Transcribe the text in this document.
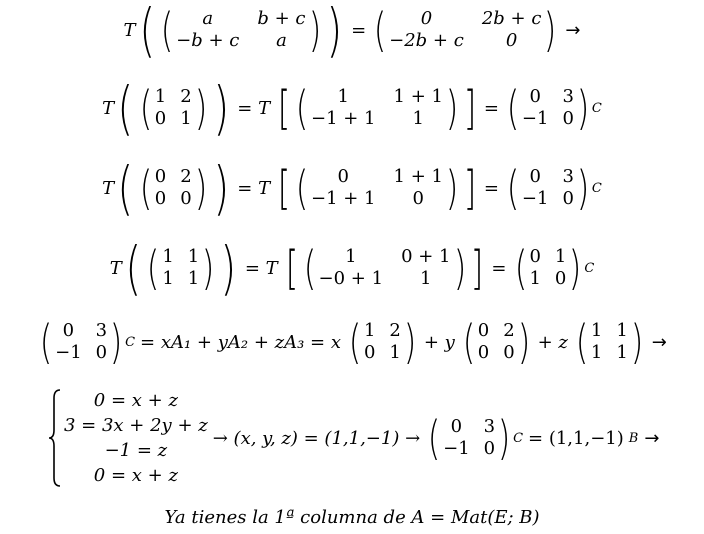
T ( (	a	b + c
−b + c	a ) ) = (	0	2b + c
−2b + c	0 ) →
T ( ( 1 2
0 1 ) ) = T [ (	1	1 + 1
−1 + 1	1 ) ] = ( 0	3
−1 0 ) C
T ( ( 0 2
0 0 ) ) = T [ (	0	1 + 1
−1 + 1	0 ) ] = ( 0	3
−1 0 ) C
T ( ( 1 1
1 1 ) ) = T [ (	1	0 + 1
−0 + 1	1 ) ] = ( 0 1
1 0 ) C
( 0	3
−1 0 ) C = xA₁ + yA₂ + zA₃ = x ( 1 2
0 1 ) + y ( 0 2
0 0 ) + z ( 1 1
1 1 ) →
0 = x + z
3 = 3x + 2y + z
−1 = z
0 = x + z
→ (x, y, z) = (1,1,−1) → ( 0	3
−1 0 ) C = (1,1,−1) B →
Ya tienes la 1ª columna de A = Mat(E; B)
